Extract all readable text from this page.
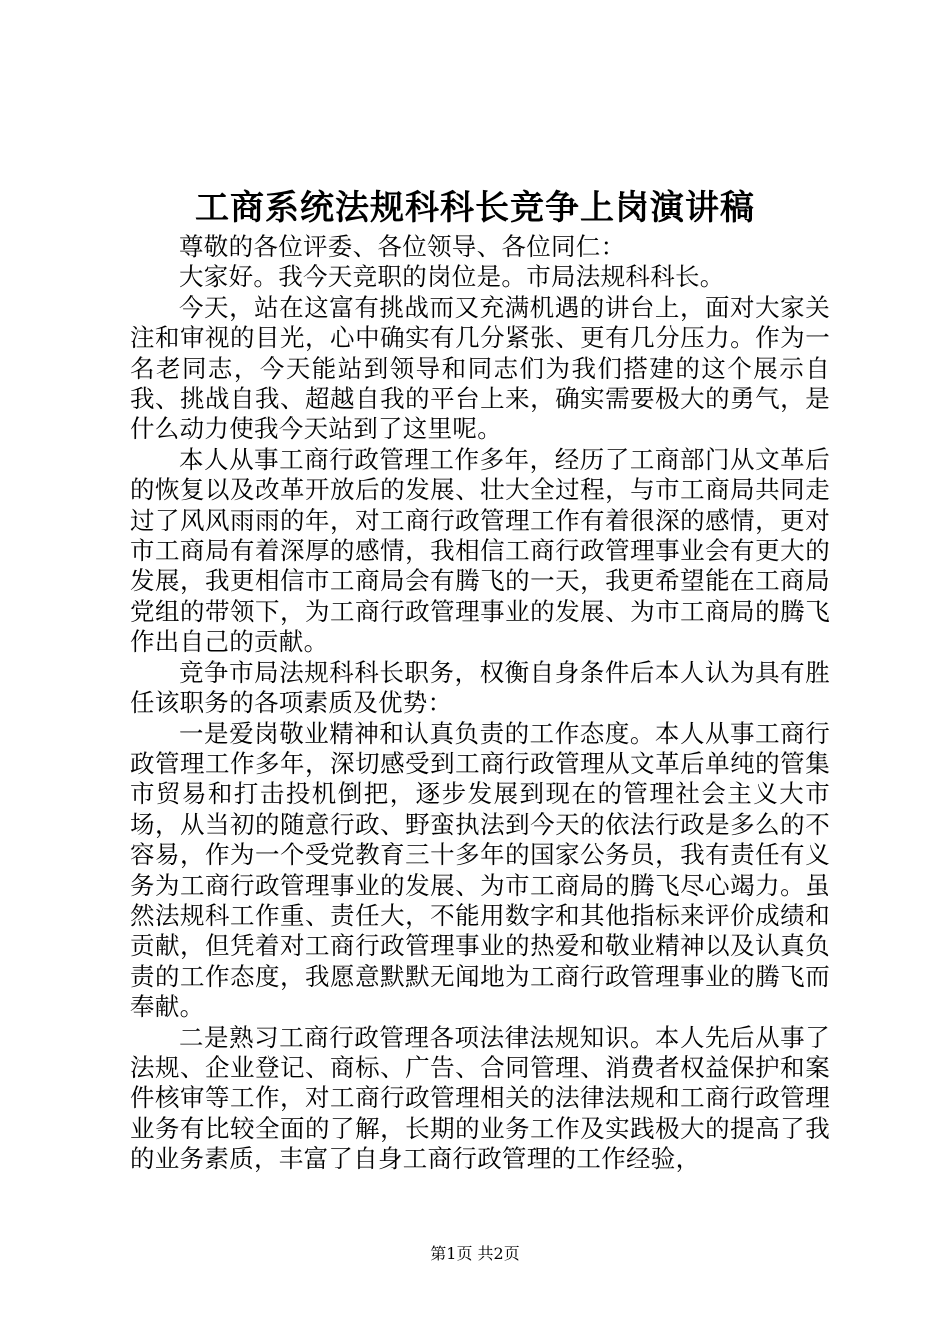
工商系统法规科科长竞争上岗演讲稿

尊敬的各位评委、各位领导、各位同仁：

大家好。我今天竞职的岗位是。市局法规科科长。

今天，站在这富有挑战而又充满机遇的讲台上，面对大家关注和审视的目光，心中确实有几分紧张、更有几分压力。作为一名老同志，今天能站到领导和同志们为我们搭建的这个展示自我、挑战自我、超越自我的平台上来，确实需要极大的勇气，是什么动力使我今天站到了这里呢。

本人从事工商行政管理工作多年，经历了工商部门从文革后的恢复以及改革开放后的发展、壮大全过程，与市工商局共同走过了风风雨雨的年，对工商行政管理工作有着很深的感情，更对市工商局有着深厚的感情，我相信工商行政管理事业会有更大的发展，我更相信市工商局会有腾飞的一天，我更希望能在工商局党组的带领下，为工商行政管理事业的发展、为市工商局的腾飞作出自己的贡献。

竞争市局法规科科长职务，权衡自身条件后本人认为具有胜任该职务的各项素质及优势：

一是爱岗敬业精神和认真负责的工作态度。本人从事工商行政管理工作多年，深切感受到工商行政管理从文革后单纯的管集市贸易和打击投机倒把，逐步发展到现在的管理社会主义大市场，从当初的随意行政、野蛮执法到今天的依法行政是多么的不容易，作为一个受党教育三十多年的国家公务员，我有责任有义务为工商行政管理事业的发展、为市工商局的腾飞尽心竭力。虽然法规科工作重、责任大，不能用数字和其他指标来评价成绩和贡献，但凭着对工商行政管理事业的热爱和敬业精神以及认真负责的工作态度，我愿意默默无闻地为工商行政管理事业的腾飞而奉献。

二是熟习工商行政管理各项法律法规知识。本人先后从事了法规、企业登记、商标、广告、合同管理、消费者权益保护和案件核审等工作，对工商行政管理相关的法律法规和工商行政管理业务有比较全面的了解，长期的业务工作及实践极大的提高了我的业务素质，丰富了自身工商行政管理的工作经验，

第1页 共2页
